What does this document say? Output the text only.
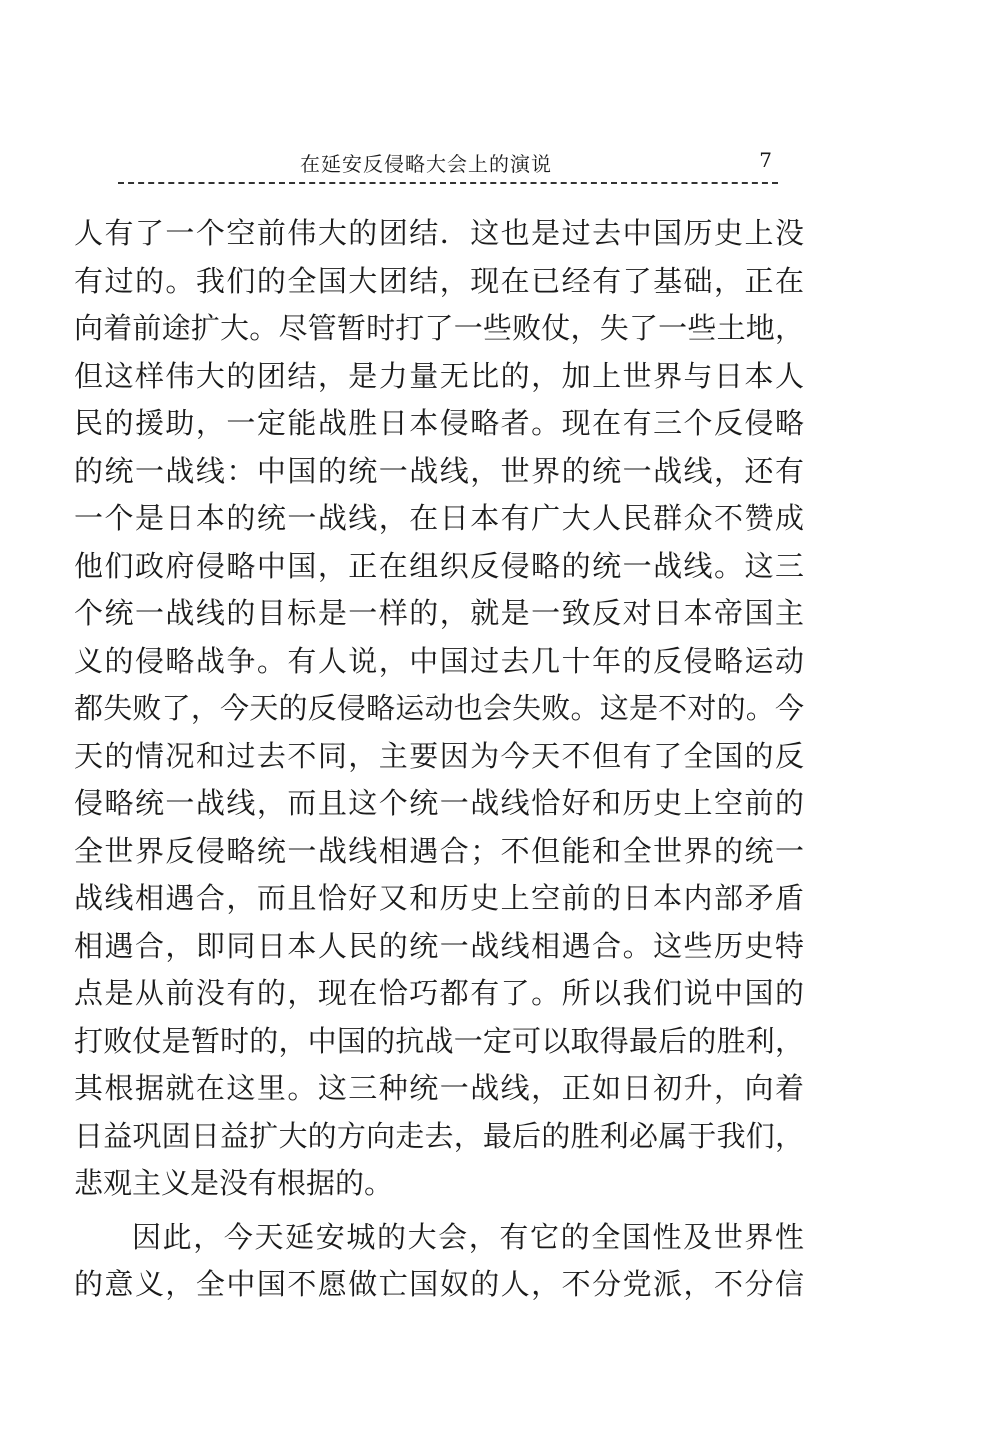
在延安反侵略大会上的演说	7
人有了一个空前伟大的团结．这也是过去中国历史上没
有过的。我们的全国大团结，现在已经有了基础，正在
向着前途扩大。尽管暂时打了一些败仗，失了一些土地，
但这样伟大的团结，是力量无比的，加上世界与日本人
民的援助，一定能战胜日本侵略者。现在有三个反侵略
的统一战线：中国的统一战线，世界的统一战线，还有
一个是日本的统一战线，在日本有广大人民群众不赞成
他们政府侵略中国，正在组织反侵略的统一战线。这三
个统一战线的目标是一样的，就是一致反对日本帝国主
义的侵略战争。有人说，中国过去几十年的反侵略运动
都失败了，今天的反侵略运动也会失败。这是不对的。今
天的情况和过去不同，主要因为今天不但有了全国的反
侵略统一战线，而且这个统一战线恰好和历史上空前的
全世界反侵略统一战线相遇合；不但能和全世界的统一
战线相遇合，而且恰好又和历史上空前的日本内部矛盾
相遇合，即同日本人民的统一战线相遇合。这些历史特
点是从前没有的，现在恰巧都有了。所以我们说中国的
打败仗是暂时的，中国的抗战一定可以取得最后的胜利，
其根据就在这里。这三种统一战线，正如日初升，向着
日益巩固日益扩大的方向走去，最后的胜利必属于我们，
悲观主义是没有根据的。
因此，今天延安城的大会，有它的全国性及世界性
的意义，全中国不愿做亡国奴的人，不分党派，不分信
